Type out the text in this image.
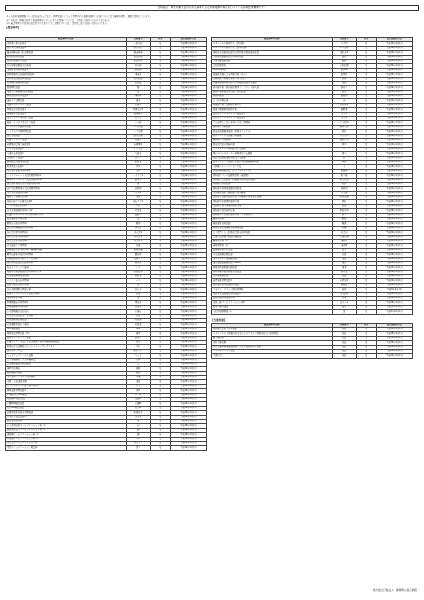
当病院は、厚生労働大臣が定める基準による診療報酬の算定を行っている保険医療機関です。
（1）入院時食事療養（I）の届出を行っており、管理栄養士によって管理された食事を適時（夕食については午後6時以降）、適温で提供しています。
（2）当院は、療養の給付と直接関係ないサービス等の費用については、実費をご負担いただいております。
（3）施設基準等の届出状況は以下のとおりです。詳細については、受付窓口までお問い合わせください。
【施設基準】
施設基準の名称	受理番号	区分	算定開始年月日
急性期一般入院料1	一般入院	第	平成30年4月1日
総合入院体制加算2	総合入院	第	平成30年4月1日
臨床研修病院入院診療加算	臨床研修	第	平成16年4月1日
救急医療管理加算	救急医療	第	平成24年4月1日
超急性期脳卒中加算	超急性期	第	平成26年4月1日
妊産婦緊急搬送入院加算	妊産婦	第	平成20年4月1日
診療録管理体制加算1	診療録1	第	平成26年4月1日
医師事務作業補助体制加算1	事補1	第	平成28年4月1日
急性期看護補助体制加算	急性看補	第	平成28年4月1日
看護職員夜間配置加算	看夜配	第	平成28年4月1日
療養環境加算	療	第	平成12年4月1日
重症者等療養環境特別加算	重	第	平成12年4月1日
無菌治療室管理加算1	無菌1	第	平成26年4月1日
緩和ケア診療加算	緩診	第	平成22年4月1日
栄養サポートチーム加算	栄養チ	第	平成24年4月1日
医療安全対策加算1	医療安全1	第	平成22年4月1日
感染防止対策加算1	感染防止	第	平成24年4月1日
患者サポート体制充実加算	患サポ	第	平成24年4月1日
褥瘡ハイリスク患者ケア加算	ハイ褥	第	平成20年4月1日
ハイリスク妊娠管理加算	ハイ妊娠	第	平成20年4月1日
ハイリスク分娩管理加算	ハイ分娩	第	平成20年4月1日
総合評価加算	総合評価	第	平成24年4月1日
呼吸ケアチーム加算	呼吸チ	第	平成24年4月1日
病棟薬剤業務実施加算1	病棟薬1	第	平成28年4月1日
データ提出加算2	データ提	第	平成28年4月1日
入退院支援加算1	入退支	第	平成30年4月1日
認知症ケア加算2	認ケア	第	平成28年4月1日
精神疾患診療体制加算	精疾診	第	平成28年4月1日
救命救急入院料1	救1	第	平成22年4月1日
特定集中治療室管理料3	集3	第	平成26年4月1日
ハイケアユニット入院医療管理料1	ハイケア1	第	平成26年4月1日
脳卒中ケアユニット入院医療管理料	脳卒中	第	平成20年4月1日
総合周産期特定集中治療室管理料	周	第	平成20年4月1日
新生児治療回復室入院医療管理料	新回復	第	平成22年4月1日
小児入院医療管理料2	小入2	第	平成24年4月1日
緩和ケア病棟入院料1	緩1	第	平成30年4月1日
地域包括ケア病棟入院料1	地包ケア1	第	平成30年4月1日
ウイルス疾患指導料	ウ指	第	平成14年4月1日
外来栄養食事指導料の注2	外栄食	第	平成30年4月1日
心臓ペースメーカー指導管理料の注5	遠隔ペ	第	平成30年4月1日
高度難聴指導管理料	高	第	平成12年4月1日
糖尿病合併症管理料	糖管	第	平成20年4月1日
がん性疼痛緩和指導管理料	がん疼	第	平成22年4月1日
がん患者指導管理料イ	がん指1	第	平成26年4月1日
がん患者指導管理料ロ	がん指2	第	平成26年4月1日
がん患者指導管理料ハ	がん指3	第	平成26年4月1日
外来緩和ケア管理料	外緩	第	平成24年4月1日
移植後患者指導管理料（臓器移植後）	移植管臓	第	平成24年4月1日
糖尿病透析予防指導管理料	糖防管	第	平成24年4月1日
乳腺炎重症化予防ケア・指導料	乳腺ケア	第	平成30年4月1日
婦人科特定疾患治療管理料	婦特管	第	平成30年4月1日
院内トリアージ実施料	トリ	第	平成24年4月1日
夜間休日救急搬送医学管理料の注3	救搬看体	第	平成30年4月1日
外来放射線照射診療料	放射診	第	平成24年4月1日
ニコチン依存症管理料	ニコ	第	平成18年6月1日
開放型病院共同指導料	開	第	平成12年4月1日
がん治療連携計画策定料	がん計	第	平成22年4月1日
肝炎インターフェロン治療計画料	肝炎	第	平成22年4月1日
薬剤管理指導料	薬	第	平成12年4月1日
医療機器安全管理料1	機安1	第	平成20年4月1日
医療機器安全管理料2	機安2	第	平成20年4月1日
在宅療養後方支援病院	在後病	第	平成26年4月1日
在宅患者訪問看護・指導料	在看	第	平成30年4月1日
持続血糖測定器加算	持血測	第	平成26年4月1日
造血器腫瘍遺伝子検査	造血遺	第	平成20年4月1日
HPV核酸検出	HPV	第	平成22年4月1日
検体検査管理加算（IV）	検IV	第	平成20年4月1日
遺伝カウンセリング加算	遺伝カ	第	平成30年4月1日
心臓カテーテル法による諸検査の血管内視鏡検査加算	血内	第	平成12年4月1日
時間内歩行試験及びシャトルウォーキングテスト	歩行	第	平成24年4月1日
胎児心エコー法	胎心エコ	第	平成22年4月1日
ヘッドアップティルト試験	ヘッド	第	平成24年4月1日
人工膵臓検査、人工膵臓療法	人膵	第	平成22年4月1日
長期継続頭蓋内脳波検査	長	第	平成12年4月1日
神経学的検査	神経	第	平成20年4月1日
補聴器適合検査	補聴	第	平成12年4月1日
小児食物アレルギー負荷検査	小検	第	平成18年4月1日
内服・点滴誘発試験	誘発	第	平成22年4月1日
センチネルリンパ節生検（併用）	セ生	第	平成22年4月1日
画像診断管理加算2	画2	第	平成20年4月1日
CT撮影及びMRI撮影	C・M	第	平成24年4月1日
冠動脈CT撮影加算	冠動C	第	平成20年4月1日
心臓MRI撮影加算	心臓M	第	平成20年4月1日
乳房MRI撮影加算	乳房M	第	平成24年4月1日
抗悪性腫瘍剤処方管理加算	抗悪処方	第	平成22年4月1日
外来化学療法加算1	外化1	第	平成20年4月1日
無菌製剤処理料	菌	第	平成12年4月1日
心大血管疾患リハビリテーション料（I）	心I	第	平成18年4月1日
脳血管疾患等リハビリテーション料（I）	脳I	第	平成18年4月1日
運動器リハビリテーション料（I）	運I	第	平成18年4月1日
呼吸器リハビリテーション料（I）	呼I	第	平成18年4月1日
がん患者リハビリテーション料	がんリハ	第	平成22年4月1日
集団コミュニケーション療法料	集コ	第	平成20年4月1日
施設基準の名称	受理番号	区分	算定開始年月日
エタノールの局所注入（甲状腺）	エタ甲	第	平成14年4月1日
エタノールの局所注入（副甲状腺）	エタ副甲	第	平成14年4月1日
透析液水質確保加算及び慢性維持透析濾過加算	透析水2	第	平成26年4月1日
下肢末梢動脈疾患指導管理加算	肢梢	第	平成28年4月1日
手術用顕微鏡加算	顕微	第	平成28年4月1日
口腔粘膜処置	口腔粘膜	第	平成30年4月1日
CAD/CAM冠	歯CAD	第	平成26年4月1日
組織拡張器による再建手術（乳房）	組再乳	第	平成25年7月1日
骨移植術（同種骨移植（非生体））	同種	第	平成28年4月1日
脊髄刺激装置植込術及び脊髄刺激装置交換術	脊刺	第	平成12年4月1日
緑内障手術（緑内障治療用インプラント挿入術）	緑内イ	第	平成26年4月1日
網膜付着組織を含む硝子体切除術	硝切	第	平成22年4月1日
網膜再建術	網膜再	第	平成26年4月1日
人工内耳植込術	内	第	平成12年4月1日
内視鏡下鼻・副鼻腔手術V型	内副鼻V	第	平成22年4月1日
鏡視下咽頭悪性腫瘍手術	鏡咽悪	第	平成30年4月1日
乳がんセンチネルリンパ節加算1	乳セ1	第	平成22年4月1日
乳がんセンチネルリンパ節加算2	乳セ2	第	平成22年4月1日
ゲル充填人工乳房を用いた乳房再建術	ゲル乳再	第	平成25年7月1日
胸腔鏡下弁形成術	胸腔弁形	第	平成30年4月1日
経皮的冠動脈形成術（特殊カテーテル）	経特	第	平成24年4月1日
経カテーテル大動脈弁置換術	カ大弁置	第	平成26年4月1日
胸腔鏡下弁置換術	胸腔弁置	第	平成30年4月1日
経皮的中隔心筋焼灼術	経中	第	平成14年4月1日
ペースメーカー移植術及び交換術	ペ	第	平成12年4月1日
両心室ペースメーカー移植術及び交換術	両ペ	第	平成16年4月1日
植込型除細動器移植術及び交換術	除	第	平成12年4月1日
両室ペーシング機能付き植込型除細動器移植術	両除	第	平成18年4月1日
大動脈バルーンパンピング法	大	第	平成14年4月1日
経皮的循環補助法（ポンプカテーテル）	経循補	第	平成30年4月1日
腹腔鏡下リンパ節群郭清術（後腹膜）	腹リ後	第	平成30年4月1日
腹腔鏡下胃切除術（内視鏡手術用支援機器）	腹胃切支	第	平成30年4月1日
腹腔鏡下肝切除術	腹肝	第	平成22年4月1日
腹腔鏡下膵体尾部腫瘍切除術	腹膵切	第	平成24年4月1日
早期悪性腫瘍大腸粘膜下層剥離術	早大腸	第	平成24年4月1日
腹腔鏡下腎悪性腫瘍手術（内視鏡手術用支援機器）	腹腎支器	第	平成28年4月1日
腹腔鏡下膀胱悪性腫瘍手術	腹膀	第	平成24年4月1日
腹腔鏡下前立腺悪性腫瘍手術	腹前	第	平成18年4月1日
腹腔鏡下仙骨膣固定術	腹仙骨固	第	平成28年4月1日
腹腔鏡下子宮悪性腫瘍手術（子宮体がん）	腹子	第	平成26年4月1日
輸血管理料I	輸血I	第	平成18年4月1日
輸血適正使用加算	輸適	第	平成24年4月1日
貯血式自己血輸血管理体制加算	貯輸	第	平成26年4月1日
人工肛門・人工膀胱造設術前処置加算	造設前	第	平成24年4月1日
胃瘻造設時嚥下機能評価加算	胃瘻造嚥	第	平成26年4月1日
麻酔管理料（I）	麻管I	第	平成12年4月1日
麻酔管理料（II）	麻管II	第	平成22年4月1日
放射線治療専任加算	放専	第	平成14年4月1日
外来放射線治療加算	外放	第	平成20年4月1日
高エネルギー放射線治療	高放	第	平成14年4月1日
強度変調放射線治療（IMRT）	強度	第	平成20年4月1日
画像誘導放射線治療加算	画誘	第	平成22年4月1日
体外照射呼吸性移動対策加算	体対策	第	平成24年4月1日
定位放射線治療	直放	第	平成16年4月1日
病理診断管理加算2	病理診2	第	平成24年4月1日
悪性腫瘍病理組織標本加算	悪病組	第	平成30年4月1日
クラウン・ブリッジ維持管理料	補管	第	平成8年4月1日
歯科外来診療環境体制加算1	外来環1	第	平成20年4月1日
歯科治療時医療管理料	医管	第	平成12年4月1日
歯科口腔リハビリテーション料2	歯リハ2	第	平成26年4月1日
酸素の購入価格	酸単	第	平成30年4月1日
入院時食事療養（I）	食	第	平成6年10月1日
【先進医療】
施設基準の名称	受理番号	区分	算定開始年月日
腹腔鏡下広汎子宮全摘術	先進	第	平成26年4月1日
ペメトレキセド静脈内投与及びシスプラチン静脈内投与の併用療法	先進	第	平成28年4月1日
陽子線治療	先進	第	平成30年4月1日
重粒子線治療	先進	第	平成30年4月1日
自己骨髄単核球細胞移植による下肢血管再生治療	先進	第	平成26年4月1日
ハイパーサーミア療法	先進	第	平成30年4月1日
金属代替	先進	第	平成30年4月1日
地方独立行政法人　静岡県立総合病院
